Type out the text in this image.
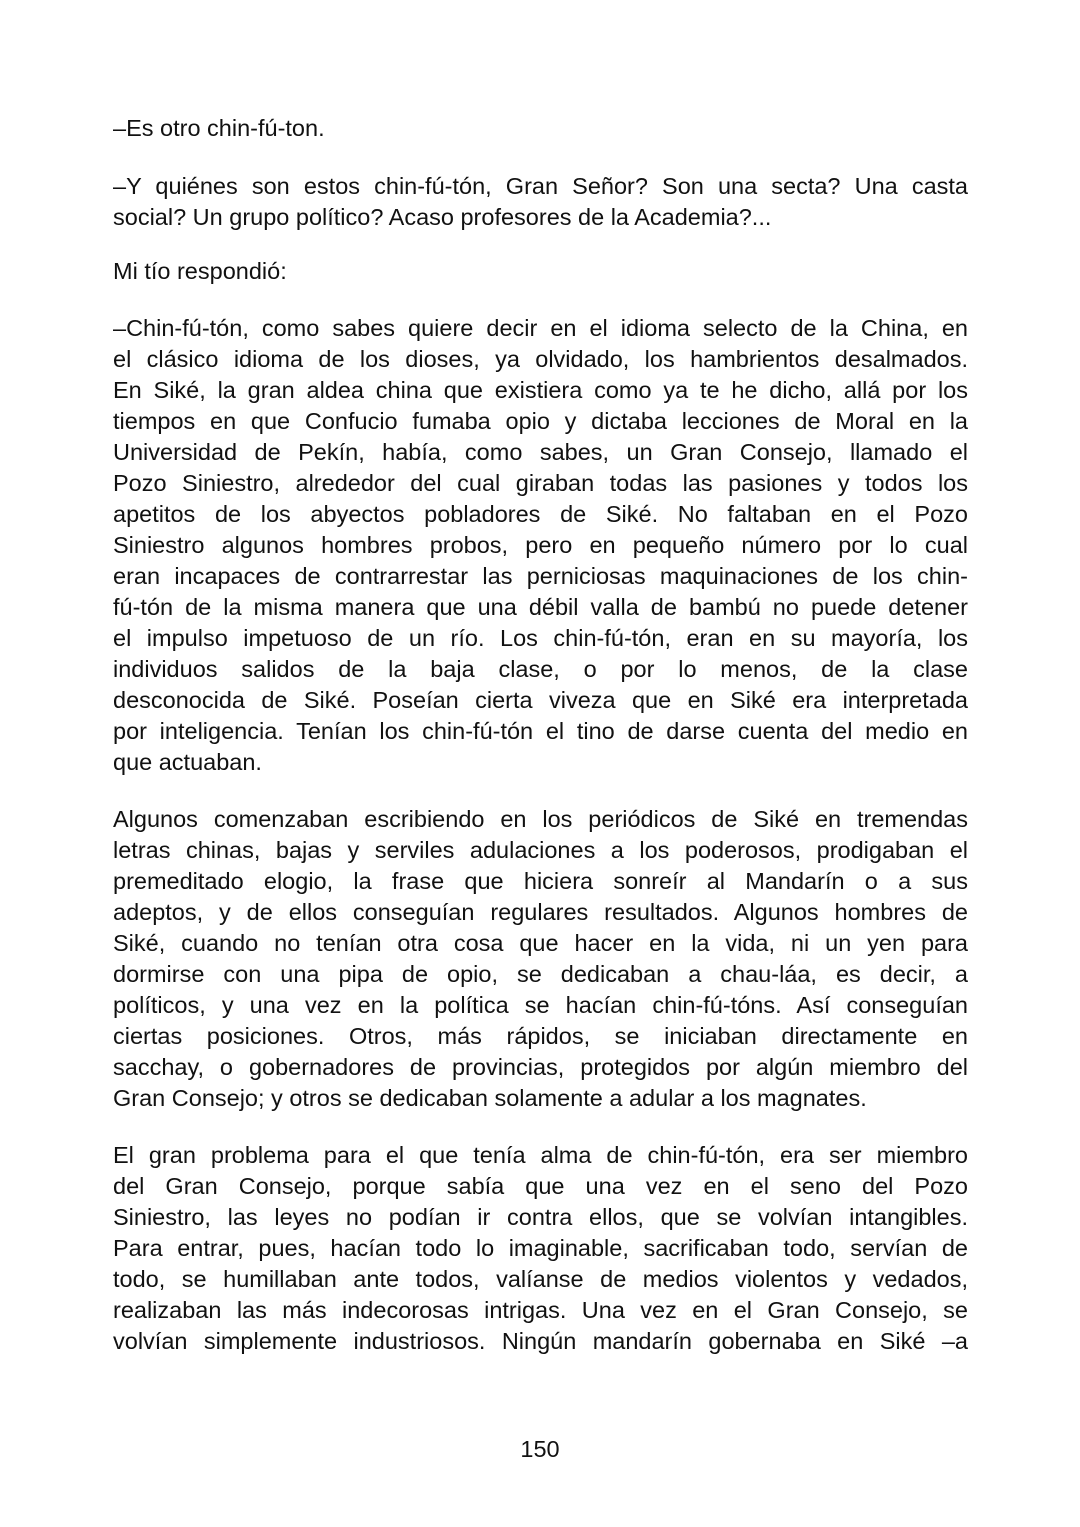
–Es otro chin-fú-ton.
–Y quiénes son estos chin-fú-tón, Gran Señor? Son una secta? Una casta
social? Un grupo político? Acaso profesores de la Academia?...
Mi tío respondió:
–Chin-fú-tón, como sabes quiere decir en el idioma selecto de la China, en
el clásico idioma de los dioses, ya olvidado, los hambrientos desalmados.
En Siké, la gran aldea china que existiera como ya te he dicho, allá por los
tiempos en que Confucio fumaba opio y dictaba lecciones de Moral en la
Universidad de Pekín, había, como sabes, un Gran Consejo, llamado el
Pozo Siniestro, alrededor del cual giraban todas las pasiones y todos los
apetitos de los abyectos pobladores de Siké. No faltaban en el Pozo
Siniestro algunos hombres probos, pero en pequeño número por lo cual
eran incapaces de contrarrestar las perniciosas maquinaciones de los chin-
fú-tón de la misma manera que una débil valla de bambú no puede detener
el impulso impetuoso de un río. Los chin-fú-tón, eran en su mayoría, los
individuos salidos de la baja clase, o por lo menos, de la clase
desconocida de Siké. Poseían cierta viveza que en Siké era interpretada
por inteligencia. Tenían los chin-fú-tón el tino de darse cuenta del medio en
que actuaban.
Algunos comenzaban escribiendo en los periódicos de Siké en tremendas
letras chinas, bajas y serviles adulaciones a los poderosos, prodigaban el
premeditado elogio, la frase que hiciera sonreír al Mandarín o a sus
adeptos, y de ellos conseguían regulares resultados. Algunos hombres de
Siké, cuando no tenían otra cosa que hacer en la vida, ni un yen para
dormirse con una pipa de opio, se dedicaban a chau-láa, es decir, a
políticos, y una vez en la política se hacían chin-fú-tóns. Así conseguían
ciertas posiciones. Otros, más rápidos, se iniciaban directamente en
sacchay, o gobernadores de provincias, protegidos por algún miembro del
Gran Consejo; y otros se dedicaban solamente a adular a los magnates.
El gran problema para el que tenía alma de chin-fú-tón, era ser miembro
del Gran Consejo, porque sabía que una vez en el seno del Pozo
Siniestro, las leyes no podían ir contra ellos, que se volvían intangibles.
Para entrar, pues, hacían todo lo imaginable, sacrificaban todo, servían de
todo, se humillaban ante todos, valíanse de medios violentos y vedados,
realizaban las más indecorosas intrigas. Una vez en el Gran Consejo, se
volvían simplemente industriosos. Ningún mandarín gobernaba en Siké –a
150
